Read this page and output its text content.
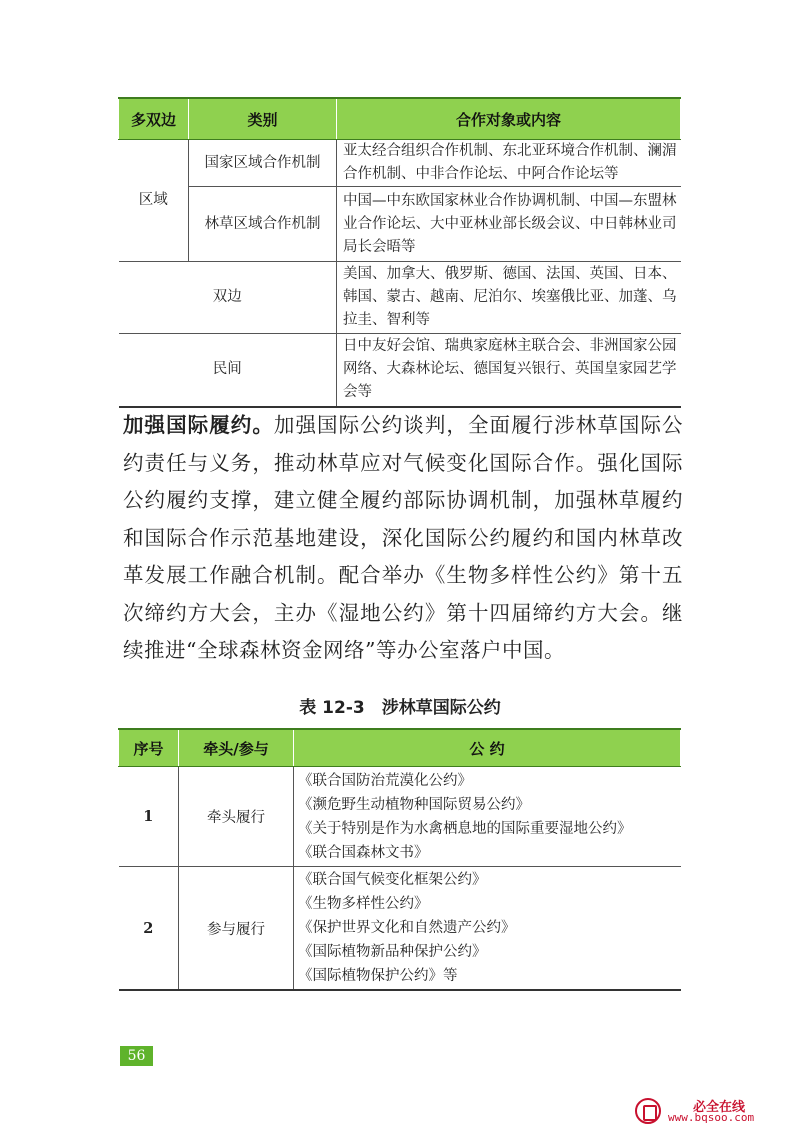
多双边	类别	合作对象或内容
区域	国家区域合作机制	亚太经合组织合作机制、东北亚环境合作机制、澜湄合作机制、中非合作论坛、中阿合作论坛等
	林草区域合作机制	中国—中东欧国家林业合作协调机制、中国—东盟林业合作论坛、大中亚林业部长级会议、中日韩林业司局长会晤等
双边		美国、加拿大、俄罗斯、德国、法国、英国、日本、韩国、蒙古、越南、尼泊尔、埃塞俄比亚、加蓬、乌拉圭、智利等
民间		日中友好会馆、瑞典家庭林主联合会、非洲国家公园网络、大森林论坛、德国复兴银行、英国皇家园艺学会等
加强国际履约。加强国际公约谈判，全面履行涉林草国际公约责任与义务，推动林草应对气候变化国际合作。强化国际公约履约支撑，建立健全履约部际协调机制，加强林草履约和国际合作示范基地建设，深化国际公约履约和国内林草改革发展工作融合机制。配合举办《生物多样性公约》第十五次缔约方大会，主办《湿地公约》第十四届缔约方大会。继续推进“全球森林资金网络”等办公室落户中国。
表 12-3　涉林草国际公约
序号	牵头/参与	公 约
1	牵头履行	《联合国防治荒漠化公约》
《濒危野生动植物种国际贸易公约》
《关于特别是作为水禽栖息地的国际重要湿地公约》
《联合国森林文书》

2	参与履行	《联合国气候变化框架公约》
《生物多样性公约》
《保护世界文化和自然遗产公约》
《国际植物新品种保护公约》
《国际植物保护公约》等
56
必全在线
www.bqsoo.com
